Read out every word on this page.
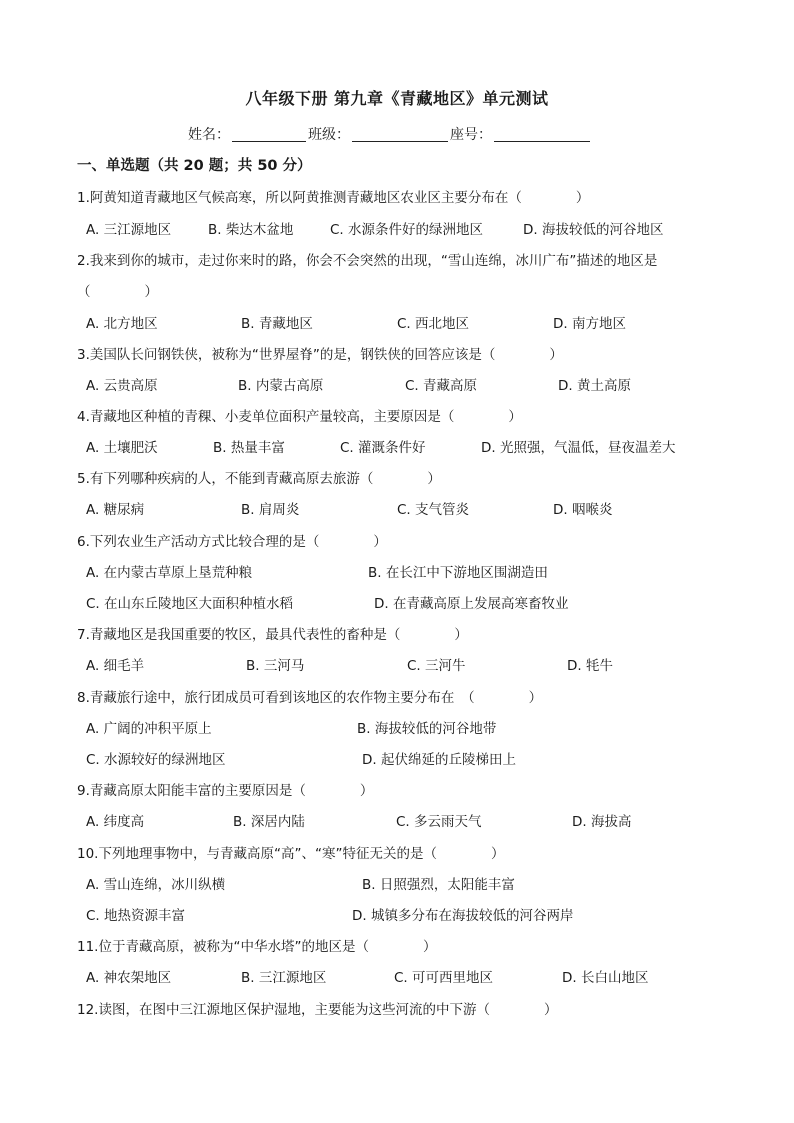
八年级下册 第九章《青藏地区》单元测试
姓名：	班级：	座号：
一、单选题（共 20 题；共 50 分）
1.阿黄知道青藏地区气候高寒，所以阿黄推测青藏地区农业区主要分布在（　　　　）
A. 三江源地区	B. 柴达木盆地	C. 水源条件好的绿洲地区	D. 海拔较低的河谷地区
2.我来到你的城市，走过你来时的路，你会不会突然的出现，“雪山连绵，冰川广布”描述的地区是
（　　　　）
A. 北方地区	B. 青藏地区	C. 西北地区	D. 南方地区
3.美国队长问钢铁侠，被称为“世界屋脊”的是，钢铁侠的回答应该是（　　　　）
A. 云贵高原	B. 内蒙古高原	C. 青藏高原	D. 黄土高原
4.青藏地区种植的青稞、小麦单位面积产量较高，主要原因是（　　　　）
A. 土壤肥沃	B. 热量丰富	C. 灌溉条件好	D. 光照强，气温低，昼夜温差大
5.有下列哪种疾病的人，不能到青藏高原去旅游（　　　　）
A. 糖尿病	B. 肩周炎	C. 支气管炎	D. 咽喉炎
6.下列农业生产活动方式比较合理的是（　　　　）
A. 在内蒙古草原上垦荒种粮	B. 在长江中下游地区围湖造田
C. 在山东丘陵地区大面积种植水稻	D. 在青藏高原上发展高寒畜牧业
7.青藏地区是我国重要的牧区，最具代表性的畜种是（　　　　）
A. 细毛羊	B. 三河马	C. 三河牛	D. 牦牛
8.青藏旅行途中，旅行团成员可看到该地区的农作物主要分布在　（　　　　）
A. 广阔的冲积平原上	B. 海拔较低的河谷地带
C. 水源较好的绿洲地区	D. 起伏绵延的丘陵梯田上
9.青藏高原太阳能丰富的主要原因是（　　　　）
A. 纬度高	B. 深居内陆	C. 多云雨天气	D. 海拔高
10.下列地理事物中，与青藏高原“高”、“寒”特征无关的是（　　　　）
A. 雪山连绵，冰川纵横	B. 日照强烈，太阳能丰富
C. 地热资源丰富	D. 城镇多分布在海拔较低的河谷两岸
11.位于青藏高原，被称为“中华水塔”的地区是（　　　　）
A. 神农架地区	B. 三江源地区	C. 可可西里地区	D. 长白山地区
12.读图，在图中三江源地区保护湿地，主要能为这些河流的中下游（　　　　）
